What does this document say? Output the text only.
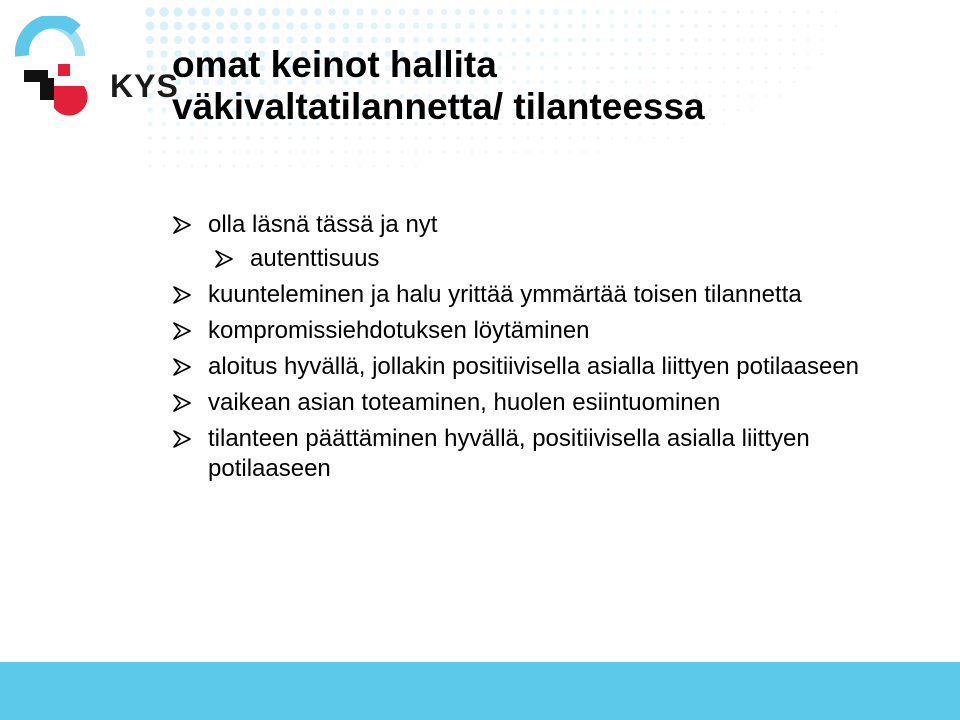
KYS
omat keinot hallita
väkivaltatilannetta/ tilanteessa
olla läsnä tässä ja nyt
autenttisuus
kuunteleminen ja halu yrittää ymmärtää toisen tilannetta
kompromissiehdotuksen löytäminen
aloitus hyvällä, jollakin positiivisella asialla liittyen potilaaseen
vaikean asian toteaminen, huolen esiintuominen
tilanteen päättäminen hyvällä, positiivisella asialla liittyen potilaaseen
